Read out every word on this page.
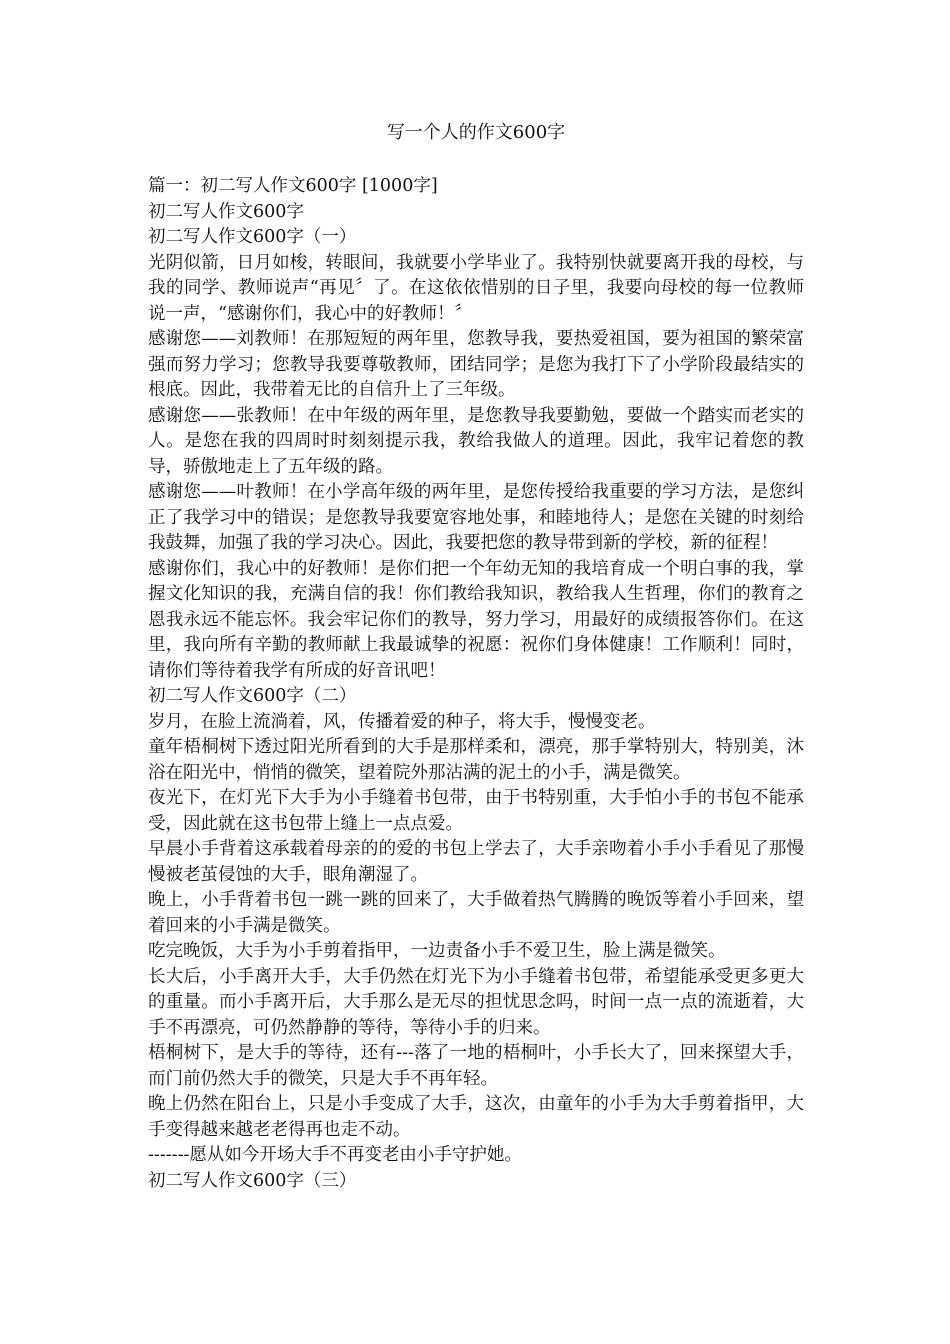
写一个人的作文600字

篇一：初二写人作文600字 [1000字]

初二写人作文600字

初二写人作文600字（一）

光阴似箭，日月如梭，转眼间，我就要小学毕业了。我特别快就要离开我的母校，与我的同学、教师说声“再见〞了。在这依依惜别的日子里，我要向母校的每一位教师说一声，“感谢你们，我心中的好教师！〞

感谢您——刘教师！在那短短的两年里，您教导我，要热爱祖国，要为祖国的繁荣富强而努力学习；您教导我要尊敬教师，团结同学；是您为我打下了小学阶段最结实的根底。因此，我带着无比的自信升上了三年级。

感谢您——张教师！在中年级的两年里，是您教导我要勤勉，要做一个踏实而老实的人。是您在我的四周时时刻刻提示我，教给我做人的道理。因此，我牢记着您的教导，骄傲地走上了五年级的路。

感谢您——叶教师！在小学高年级的两年里，是您传授给我重要的学习方法，是您纠正了我学习中的错误；是您教导我要宽容地处事，和睦地待人；是您在关键的时刻给我鼓舞，加强了我的学习决心。因此，我要把您的教导带到新的学校，新的征程！

感谢你们，我心中的好教师！是你们把一个年幼无知的我培育成一个明白事的我，掌握文化知识的我，充满自信的我！你们教给我知识，教给我人生哲理，你们的教育之恩我永远不能忘怀。我会牢记你们的教导，努力学习，用最好的成绩报答你们。在这里，我向所有辛勤的教师献上我最诚挚的祝愿：祝你们身体健康！工作顺利！同时，请你们等待着我学有所成的好音讯吧！

初二写人作文600字（二）

岁月，在脸上流淌着，风，传播着爱的种子，将大手，慢慢变老。

童年梧桐树下透过阳光所看到的大手是那样柔和，漂亮，那手掌特别大，特别美，沐浴在阳光中，悄悄的微笑，望着院外那沾满的泥土的小手，满是微笑。

夜光下，在灯光下大手为小手缝着书包带，由于书特别重，大手怕小手的书包不能承受，因此就在这书包带上缝上一点点爱。

早晨小手背着这承载着母亲的的爱的书包上学去了，大手亲吻着小手小手看见了那慢慢被老茧侵蚀的大手，眼角潮湿了。

晚上，小手背着书包一跳一跳的回来了，大手做着热气腾腾的晚饭等着小手回来，望着回来的小手满是微笑。

吃完晚饭，大手为小手剪着指甲，一边责备小手不爱卫生，脸上满是微笑。

长大后，小手离开大手，大手仍然在灯光下为小手缝着书包带，希望能承受更多更大的重量。而小手离开后，大手那么是无尽的担忧思念吗，时间一点一点的流逝着，大手不再漂亮，可仍然静静的等待，等待小手的归来。

梧桐树下，是大手的等待，还有---落了一地的梧桐叶，小手长大了，回来探望大手，而门前仍然大手的微笑，只是大手不再年轻。

晚上仍然在阳台上，只是小手变成了大手，这次，由童年的小手为大手剪着指甲，大手变得越来越老老得再也走不动。

-------愿从如今开场大手不再变老由小手守护她。

初二写人作文600字（三）
